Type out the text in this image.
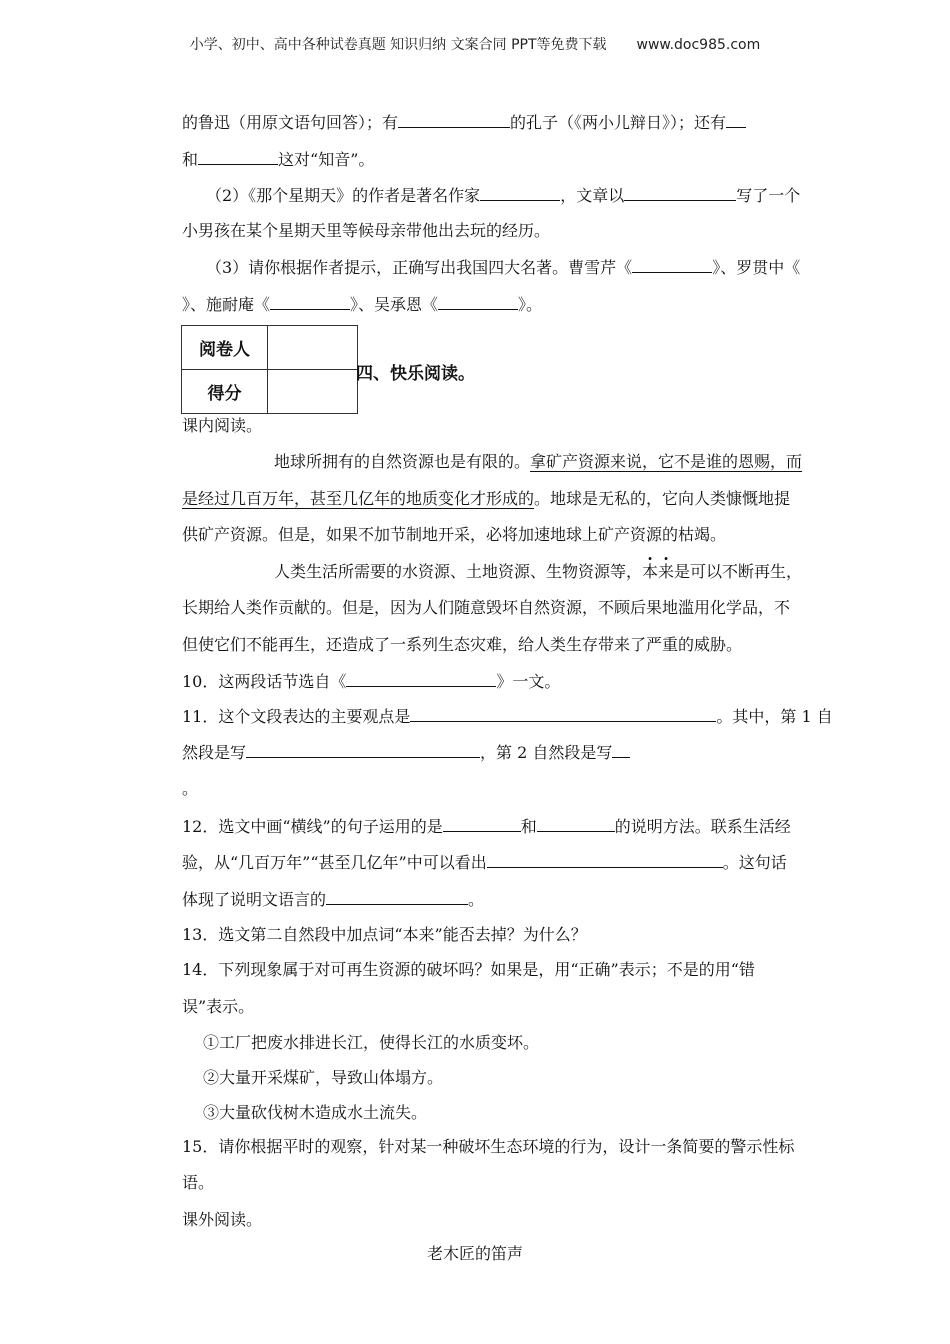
小学、初中、高中各种试卷真题 知识归纳 文案合同 PPT等免费下载 www.doc985.com
的鲁迅（用原文语句回答）；有	的孔子（《两小儿辩日》）；还有
和	这对“知音”。
（2）《那个星期天》的作者是著名作家	，文章以	写了一个
小男孩在某个星期天里等候母亲带他出去玩的经历。
（3）请你根据作者提示，正确写出我国四大名著。曹雪芹《	》、罗贯中《
》、施耐庵《	》、吴承恩《	》。
阅卷人	
得分	
四、快乐阅读。
课内阅读。
地球所拥有的自然资源也是有限的。拿矿产资源来说，它不是谁的恩赐，而
是经过几百万年，甚至几亿年的地质变化才形成的。地球是无私的，它向人类慷慨地提
供矿产资源。但是，如果不加节制地开采，必将加速地球上矿产资源的枯竭。
人类生活所需要的水资源、土地资源、生物资源等，本来是可以不断再生，
长期给人类作贡献的。但是，因为人们随意毁坏自然资源，不顾后果地滥用化学品，不
但使它们不能再生，还造成了一系列生态灾难，给人类生存带来了严重的威胁。
10．这两段话节选自《	》一文。
11．这个文段表达的主要观点是	。其中，第 1 自
然段是写	，第 2 自然段是写
。
12．选文中画“横线”的句子运用的是	和	的说明方法。联系生活经
验，从“几百万年”“甚至几亿年”中可以看出	。这句话
体现了说明文语言的	。
13．选文第二自然段中加点词“本来”能否去掉？为什么？
14．下列现象属于对可再生资源的破坏吗？如果是，用“正确”表示；不是的用“错
误”表示。
①工厂把废水排进长江，使得长江的水质变坏。
②大量开采煤矿，导致山体塌方。
③大量砍伐树木造成水土流失。
15．请你根据平时的观察，针对某一种破坏生态环境的行为，设计一条简要的警示性标
语。
课外阅读。
老木匠的笛声
